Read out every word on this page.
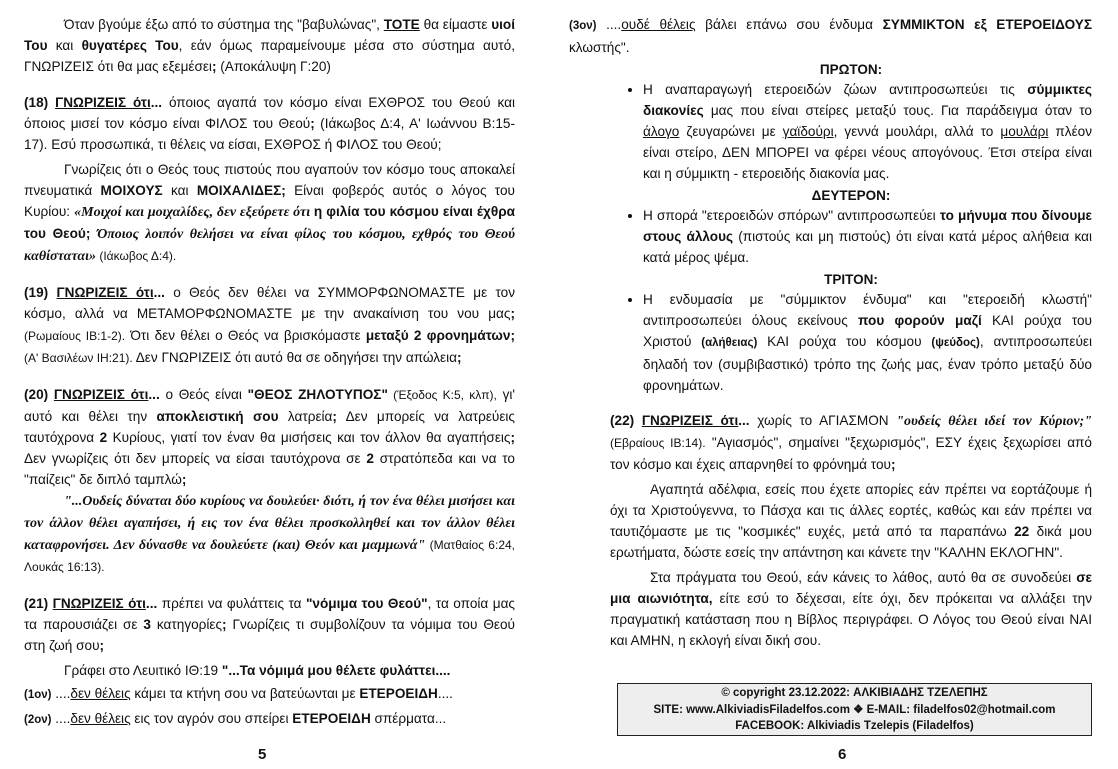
Όταν βγούμε έξω από το σύστημα της "βαβυλώνας", ΤΟΤΕ θα είμαστε υιοί Του και θυγατέρες Του, εάν όμως παραμείνουμε μέσα στο σύστημα αυτό, ΓΝΩΡΙΖΕΙΣ ότι θα μας εξεμέσει; (Αποκάλυψη Γ:20)

(18) ΓΝΩΡΙΖΕΙΣ ότι... όποιος αγαπά τον κόσμο είναι ΕΧΘΡΟΣ του Θεού και όποιος μισεί τον κόσμο είναι ΦΙΛΟΣ του Θεού; (Ιάκωβος Δ:4, Α' Ιωάννου Β:15-17). Εσύ προσωπικά, τι θέλεις να είσαι, ΕΧΘΡΟΣ ή ΦΙΛΟΣ του Θεού;

Γνωρίζεις ότι ο Θεός τους πιστούς που αγαπούν τον κόσμο τους αποκαλεί πνευματικά ΜΟΙΧΟΥΣ και ΜΟΙΧΑΛΙΔΕΣ; Είναι φοβερός αυτός ο λόγος του Κυρίου: «Μοιχοί και μοιχαλίδες, δεν εξεύρετε ότι η φιλία του κόσμου είναι έχθρα του Θεού; Όποιος λοιπόν θελήσει να είναι φίλος του κόσμου, εχθρός του Θεού καθίσταται» (Ιάκωβος Δ:4).

(19) ΓΝΩΡΙΖΕΙΣ ότι... ο Θεός δεν θέλει να ΣΥΜΜΟΡΦΩΝΟΜΑΣΤΕ με τον κόσμο, αλλά να ΜΕΤΑΜΟΡΦΩΝΟΜΑΣΤΕ με την ανακαίνιση του νου μας; (Ρωμαίους ΙΒ:1-2). Ότι δεν θέλει ο Θεός να βρισκόμαστε μεταξύ 2 φρονημάτων; (Α' Βασιλέων ΙΗ:21). Δεν ΓΝΩΡΙΖΕΙΣ ότι αυτό θα σε οδηγήσει την απώλεια;

(20) ΓΝΩΡΙΖΕΙΣ ότι... ο Θεός είναι "ΘΕΟΣ ΖΗΛΟΤΥΠΟΣ" (Έξοδος Κ:5, κλπ), γι' αυτό και θέλει την αποκλειστική σου λατρεία; Δεν μπορείς να λατρεύεις ταυτόχρονα 2 Κυρίους, γιατί τον έναν θα μισήσεις και τον άλλον θα αγαπήσεις; Δεν γνωρίζεις ότι δεν μπορείς να είσαι ταυτόχρονα σε 2 στρατόπεδα και να το "παίζεις" δε διπλό ταμπλώ;

"...Ουδείς δύναται δύο κυρίους να δουλεύει· διότι, ή τον ένα θέλει μισήσει και τον άλλον θέλει αγαπήσει, ή εις τον ένα θέλει προσκολληθεί και τον άλλον θέλει καταφρονήσει. Δεν δύνασθε να δουλεύετε (και) Θεόν και μαμμωνά" (Ματθαίος 6:24, Λουκάς 16:13).

(21) ΓΝΩΡΙΖΕΙΣ ότι... πρέπει να φυλάττεις τα "νόμιμα του Θεού", τα οποία μας τα παρουσιάζει σε 3 κατηγορίες; Γνωρίζεις τι συμβολίζουν τα νόμιμα του Θεού στη ζωή σου;

Γράφει στο Λευιτικό ΙΘ:19 "...Τα νόμιμά μου θέλετε φυλάττει....

(1ον) ....δεν θέλεις κάμει τα κτήνη σου να βατεύωνται με ΕΤΕΡΟΕΙΔΗ....

(2ον) ....δεν θέλεις εις τον αγρόν σου σπείρει ΕΤΕΡΟΕΙΔΗ σπέρματα...

5

(3ον) ....ουδέ θέλεις βάλει επάνω σου ένδυμα ΣΥΜΜΙΚΤΟΝ εξ ΕΤΕΡΟΕΙΔΟΥΣ κλωστής".

ΠΡΩΤΟΝ:
• Η αναπαραγωγή ετεροειδών ζώων αντιπροσωπεύει τις σύμμικτες διακονίες μας που είναι στείρες μεταξύ τους. Για παράδειγμα όταν το άλογο ζευγαρώνει με γαϊδούρι, γεννά μουλάρι, αλλά το μουλάρι πλέον είναι στείρο, ΔΕΝ ΜΠΟΡΕΙ να φέρει νέους απογόνους. Έτσι στείρα είναι και η σύμμικτη - ετεροειδής διακονία μας.
ΔΕΥΤΕΡΟΝ:
• Η σπορά "ετεροειδών σπόρων" αντιπροσωπεύει το μήνυμα που δίνουμε στους άλλους (πιστούς και μη πιστούς) ότι είναι κατά μέρος αλήθεια και κατά μέρος ψέμα.
ΤΡΙΤΟΝ:
• Η ενδυμασία με "σύμμικτον ένδυμα" και "ετεροειδή κλωστή" αντιπροσωπεύει όλους εκείνους που φορούν μαζί ΚΑΙ ρούχα του Χριστού (αλήθειας) ΚΑΙ ρούχα του κόσμου (ψεύδος), αντιπροσωπεύει δηλαδή τον (συμβιβαστικό) τρόπο της ζωής μας, έναν τρόπο μεταξύ δύο φρονημάτων.

(22) ΓΝΩΡΙΖΕΙΣ ότι... χωρίς το ΑΓΙΑΣΜΟΝ "ουδείς θέλει ιδεί τον Κύριον;" (Εβραίους ΙΒ:14). "Αγιασμός", σημαίνει "ξεχωρισμός", ΕΣΥ έχεις ξεχωρίσει από τον κόσμο και έχεις απαρνηθεί το φρόνημά του;

Αγαπητά αδέλφια, εσείς που έχετε απορίες εάν πρέπει να εορτάζουμε ή όχι τα Χριστούγεννα, το Πάσχα και τις άλλες εορτές, καθώς και εάν πρέπει να ταυτιζόμαστε με τις "κοσμικές" ευχές, μετά από τα παραπάνω 22 δικά μου ερωτήματα, δώστε εσείς την απάντηση και κάνετε την "ΚΑΛΗΝ ΕΚΛΟΓΗΝ".

Στα πράγματα του Θεού, εάν κάνεις το λάθος, αυτό θα σε συνοδεύει σε μια αιωνιότητα, είτε εσύ το δέχεσαι, είτε όχι, δεν πρόκειται να αλλάξει την πραγματική κατάσταση που η Βίβλος περιγράφει. Ο Λόγος του Θεού είναι ΝΑΙ και ΑΜΗΝ, η εκλογή είναι δική σου.

6
© copyright 23.12.2022: ΑΛΚΙΒΙΑΔΗΣ ΤΖΕΛΕΠΗΣ
SITE: www.AlkiviadisFiladelfos.com ❖ E-MAIL: filadelfos02@hotmail.com
FACEBOOK: Alkiviadis Tzelepis (Filadelfos)
